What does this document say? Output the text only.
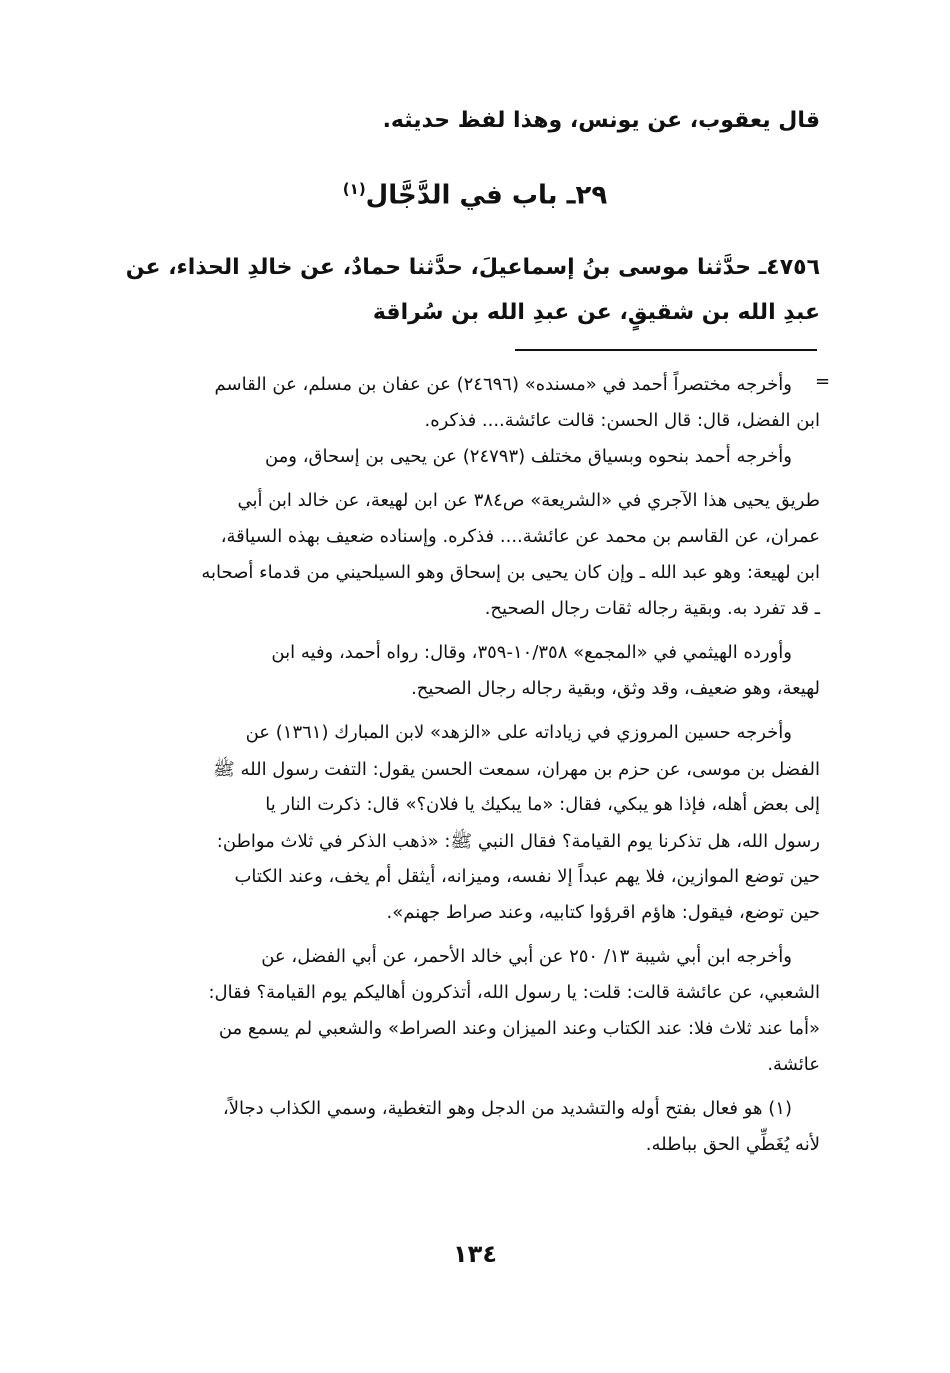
قال يعقوب، عن يونس، وهذا لفظ حديثه.
٢٩ـ باب في الدَّجَّال$^{(١)}$
٤٧٥٦ـ حدَّثنا موسى بنُ إسماعيلَ، حدَّثنا حمادٌ، عن خالدِ الحذاء، عن
عبدِ الله بن شقيقٍ، عن عبدِ الله بن سُراقة
=
وأخرجه مختصراً أحمد في «مسنده» (٢٤٦٩٦) عن عفان بن مسلم، عن القاسم
ابن الفضل، قال: قال الحسن: قالت عائشة.... فذكره.
وأخرجه أحمد بنحوه وبسياق مختلف (٢٤٧٩٣) عن يحيى بن إسحاق، ومن
طريق يحيى هذا الآجري في «الشريعة» ص٣٨٤ عن ابن لهيعة، عن خالد ابن أبي
عمران، عن القاسم بن محمد عن عائشة.... فذكره. وإسناده ضعيف بهذه السياقة،
ابن لهيعة: وهو عبد الله ـ وإن كان يحيى بن إسحاق وهو السيلحيني من قدماء أصحابه
ـ قد تفرد به. وبقية رجاله ثقات رجال الصحيح.
وأورده الهيثمي في «المجمع» ١٠/٣٥٨-٣٥٩، وقال: رواه أحمد، وفيه ابن
لهيعة، وهو ضعيف، وقد وثق، وبقية رجاله رجال الصحيح.
وأخرجه حسين المروزي في زياداته على «الزهد» لابن المبارك (١٣٦١) عن
الفضل بن موسى، عن حزم بن مهران، سمعت الحسن يقول: التفت رسول الله ﷺ
إلى بعض أهله، فإذا هو يبكي، فقال: «ما يبكيك يا فلان؟» قال: ذكرت النار يا
رسول الله، هل تذكرنا يوم القيامة؟ فقال النبي ﷺ: «ذهب الذكر في ثلاث مواطن:
حين توضع الموازين، فلا يهم عبداً إلا نفسه، وميزانه، أيثقل أم يخف، وعند الكتاب
حين توضع، فيقول: هاؤم اقرؤوا كتابيه، وعند صراط جهنم».
وأخرجه ابن أبي شيبة ١٣/ ٢٥٠ عن أبي خالد الأحمر، عن أبي الفضل، عن
الشعبي، عن عائشة قالت: قلت: يا رسول الله، أتذكرون أهاليكم يوم القيامة؟ فقال:
«أما عند ثلاث فلا: عند الكتاب وعند الميزان وعند الصراط» والشعبي لم يسمع من
عائشة.
(١) هو فعال بفتح أوله والتشديد من الدجل وهو التغطية، وسمي الكذاب دجالاً،
لأنه يُغَطِّي الحق بباطله.
١٣٤
